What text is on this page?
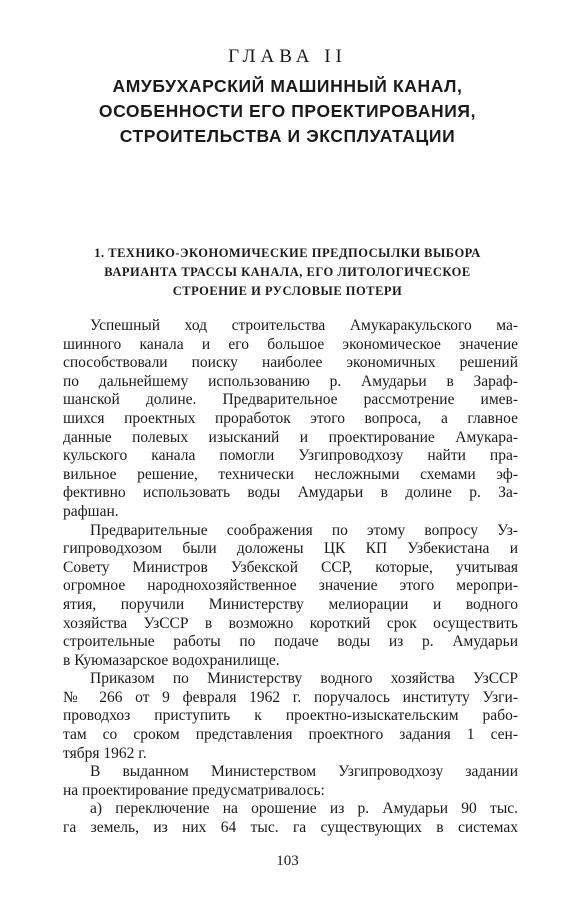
ГЛАВА II
АМУБУХАРСКИЙ МАШИННЫЙ КАНАЛ,
ОСОБЕННОСТИ ЕГО ПРОЕКТИРОВАНИЯ,
СТРОИТЕЛЬСТВА И ЭКСПЛУАТАЦИИ
1. ТЕХНИКО-ЭКОНОМИЧЕСКИЕ ПРЕДПОСЫЛКИ ВЫБОРА
ВАРИАНТА ТРАССЫ КАНАЛА, ЕГО ЛИТОЛОГИЧЕСКОЕ
СТРОЕНИЕ И РУСЛОВЫЕ ПОТЕРИ
Успешный ход строительства Амукаракульского ма-
шинного канала и его большое экономическое значение
способствовали поиску наиболее экономичных решений
по дальнейшему использованию р. Амударьи в Зараф-
шанской долине. Предварительное рассмотрение имев-
шихся проектных проработок этого вопроса, а главное
данные полевых изысканий и проектирование Амукара-
кульского канала помогли Узгипроводхозу найти пра-
вильное решение, технически несложными схемами эф-
фективно использовать воды Амударьи в долине р. За-
рафшан.
Предварительные соображения по этому вопросу Уз-
гипроводхозом были доложены ЦК КП Узбекистана и
Совету Министров Узбекской ССР, которые, учитывая
огромное народнохозяйственное значение этого меропри-
ятия, поручили Министерству мелиорации и водного
хозяйства УзССР в возможно короткий срок осуществить
строительные работы по подаче воды из р. Амударьи
в Куюмазарское водохранилище.
Приказом по Министерству водного хозяйства УзССР
№ 266 от 9 февраля 1962 г. поручалось институту Узги-
проводхоз приступить к проектно-изыскательским рабо-
там со сроком представления проектного задания 1 сен-
тября 1962 г.
В выданном Министерством Узгипроводхозу задании
на проектирование предусматривалось:
а) переключение на орошение из р. Амударьи 90 тыс.
га земель, из них 64 тыс. га существующих в системах
103
